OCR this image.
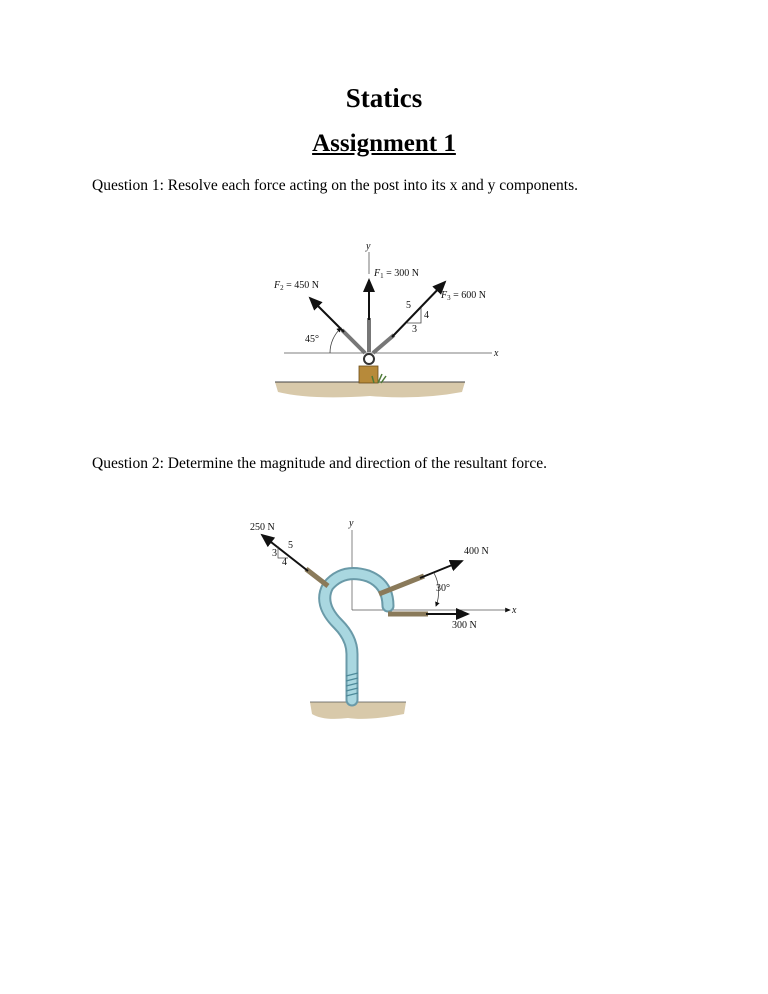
Statics
Assignment 1

Question 1: Resolve each force acting on the post into its x and y components.

x
y
$F_1 = 300$ N
$F_2 = 450$ N
45°
$F_3 = 600$ N
5
4
3

Question 2: Determine the magnitude and direction of the resultant force.

y
x
250 N
5
3
4
400 N
30°
300 N
